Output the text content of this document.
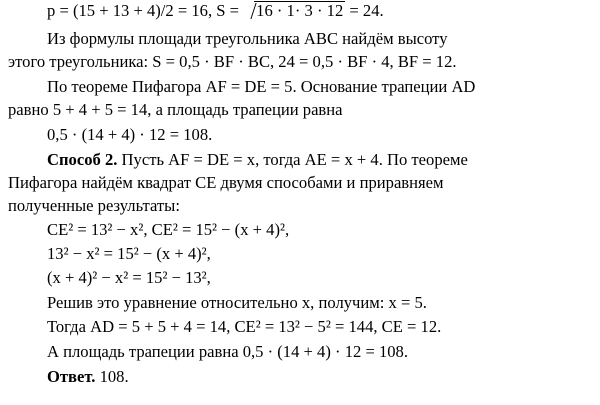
p = (15 + 13 + 4)/2 = 16, S = 16 · 1· 3 · 12 = 24.
Из формулы площади треугольника ABC найдём высоту
этого треугольника: S = 0,5 · BF · BC, 24 = 0,5 · BF · 4, BF = 12.
По теореме Пифагора AF = DE = 5. Основание трапеции AD
равно 5 + 4 + 5 = 14, а площадь трапеции равна
0,5 · (14 + 4) · 12 = 108.
Способ 2. Пусть AF = DE = x, тогда AE = x + 4. По теореме
Пифагора найдём квадрат CE двумя способами и приравняем
полученные результаты:
CE² = 13² − x², CE² = 15² − (x + 4)²,
13² − x² = 15² − (x + 4)²,
(x + 4)² − x² = 15² − 13²,
Решив это уравнение относительно x, получим: x = 5.
Тогда AD = 5 + 5 + 4 = 14, CE² = 13² − 5² = 144, CE = 12.
А площадь трапеции равна 0,5 · (14 + 4) · 12 = 108.
Ответ. 108.
